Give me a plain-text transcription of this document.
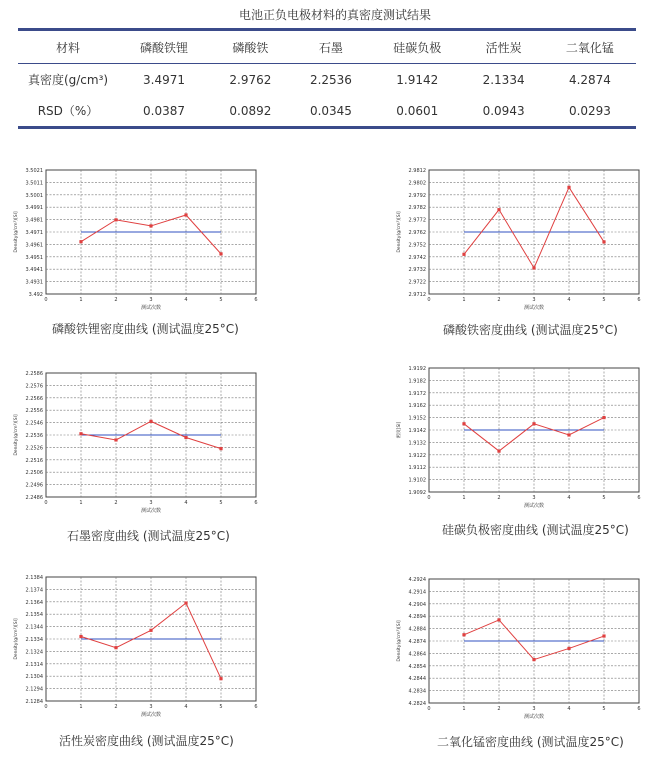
电池正负电极材料的真密度测试结果
材料	磷酸铁锂	磷酸铁	石墨	硅碳负极	活性炭	二氧化锰
真密度(g/cm³)	3.4971	2.9762	2.2536	1.9142	2.1334	4.2874
RSD（%）	0.0387	0.0892	0.0345	0.0601	0.0943	0.0293
3.492
3.4931
3.4941
3.4951
3.4961
3.4971
3.4981
3.4991
3.5001
3.5011
3.5021
0	1	2	3	4	5	6
测试次数
Density(g/cm³)[Sl]
磷酸铁锂密度曲线 (测试温度25°C)
2.9712
2.9722
2.9732
2.9742
2.9752
2.9762
2.9772
2.9782
2.9792
2.9802
2.9812
0	1	2	3	4	5	6
测试次数
Density(g/cm³)[Sl]
磷酸铁密度曲线 (测试温度25°C)
2.2486
2.2496
2.2506
2.2516
2.2526
2.2536
2.2546
2.2556
2.2566
2.2576
2.2586
0	1	2	3	4	5	6
测试次数
Density(g/cm³)[Sl]
石墨密度曲线 (测试温度25°C)
1.9092
1.9102
1.9112
1.9122
1.9132
1.9142
1.9152
1.9162
1.9172
1.9182
1.9192
0	1	2	3	4	5	6
测试次数
密度[Sl]
硅碳负极密度曲线 (测试温度25°C)
2.1284
2.1294
2.1304
2.1314
2.1324
2.1334
2.1344
2.1354
2.1364
2.1374
2.1384
0	1	2	3	4	5	6
测试次数
Density(g/cm³)[Sl]
活性炭密度曲线 (测试温度25°C)
4.2824
4.2834
4.2844
4.2854
4.2864
4.2874
4.2884
4.2894
4.2904
4.2914
4.2924
0	1	2	3	4	5	6
测试次数
Density(g/cm³)[Sl]
二氧化锰密度曲线 (测试温度25°C)
